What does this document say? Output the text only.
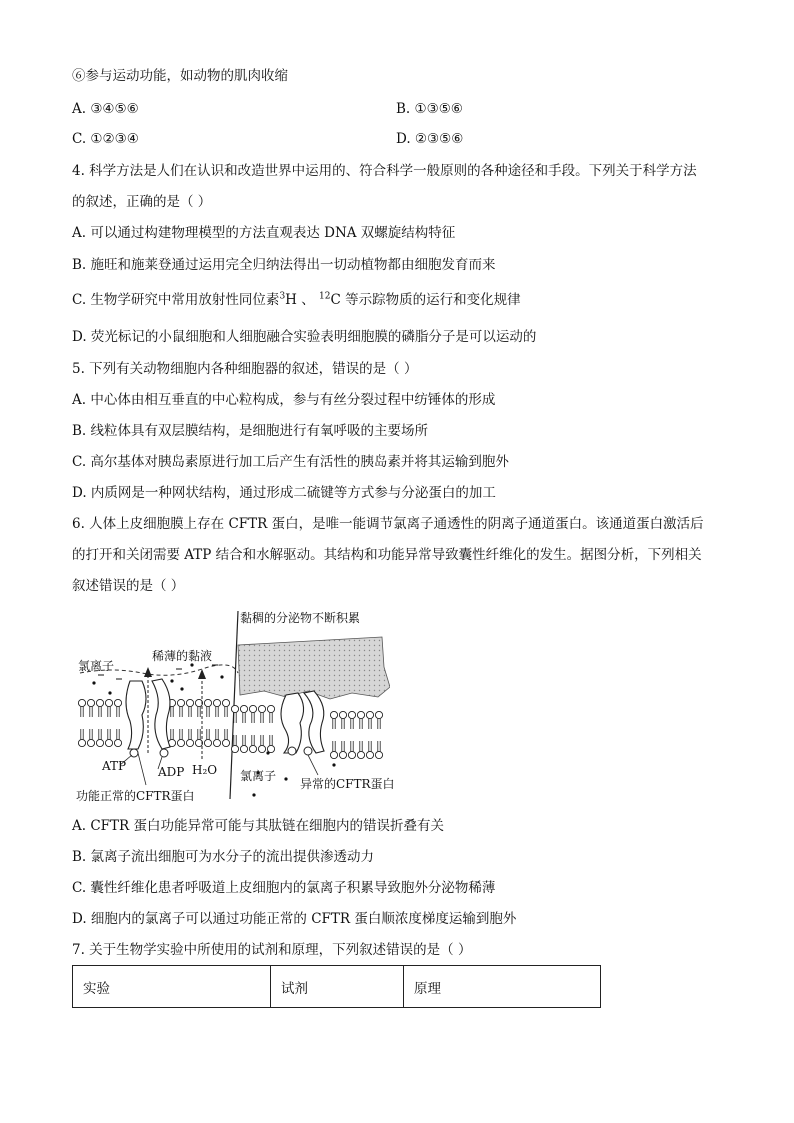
⑥参与运动功能，如动物的肌肉收缩
A. ③④⑤⑥	B. ①③⑤⑥
C. ①②③④	D. ②③⑤⑥
4. 科学方法是人们在认识和改造世界中运用的、符合科学一般原则的各种途径和手段。下列关于科学方法
的叙述，正确的是（ ）
A. 可以通过构建物理模型的方法直观表达 DNA 双螺旋结构特征
B. 施旺和施莱登通过运用完全归纳法得出一切动植物都由细胞发育而来
C. 生物学研究中常用放射性同位素$^3$H 、 $^{12}$C 等示踪物质的运行和变化规律
D. 荧光标记的小鼠细胞和人细胞融合实验表明细胞膜的磷脂分子是可以运动的
5. 下列有关动物细胞内各种细胞器的叙述，错误的是（ ）
A. 中心体由相互垂直的中心粒构成，参与有丝分裂过程中纺锤体的形成
B. 线粒体具有双层膜结构，是细胞进行有氧呼吸的主要场所
C. 高尔基体对胰岛素原进行加工后产生有活性的胰岛素并将其运输到胞外
D. 内质网是一种网状结构，通过形成二硫键等方式参与分泌蛋白的加工
6. 人体上皮细胞膜上存在 CFTR 蛋白，是唯一能调节氯离子通透性的阴离子通道蛋白。该通道蛋白激活后
的打开和关闭需要 ATP 结合和水解驱动。其结构和功能异常导致囊性纤维化的发生。据图分析，下列相关
叙述错误的是（ ）
黏稠的分泌物不断积累
稀薄的黏液
氯离子
ATP	ADP H₂O 氯离子
功能正常的CFTR蛋白
异常的CFTR蛋白
A. CFTR 蛋白功能异常可能与其肽链在细胞内的错误折叠有关
B. 氯离子流出细胞可为水分子的流出提供渗透动力
C. 囊性纤维化患者呼吸道上皮细胞内的氯离子积累导致胞外分泌物稀薄
D. 细胞内的氯离子可以通过功能正常的 CFTR 蛋白顺浓度梯度运输到胞外
7. 关于生物学实验中所使用的试剂和原理，下列叙述错误的是（ ）
实验	试剂	原理
